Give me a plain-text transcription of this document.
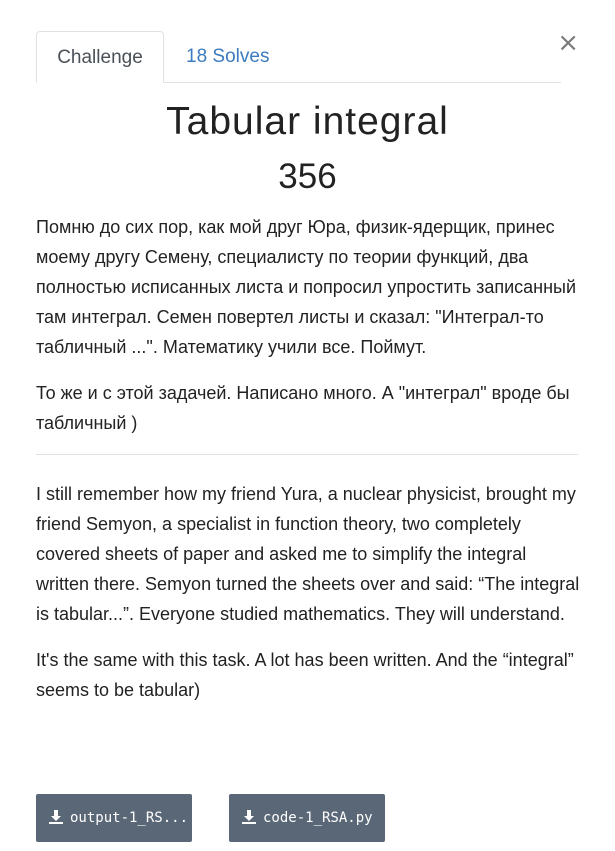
×
Challenge	18 Solves
Tabular integral
356

Помню до сих пор, как мой друг Юра, физик-ядерщик, принес моему другу Семену, специалисту по теории функций, два полностью исписанных листа и попросил упростить записанный там интеграл. Семен повертел листы и сказал: "Интеграл-то табличный ...". Математику учили все. Поймут.

То же и с этой задачей. Написано много. А "интеграл" вроде бы табличный )

I still remember how my friend Yura, a nuclear physicist, brought my friend Semyon, a specialist in function theory, two completely covered sheets of paper and asked me to simplify the integral written there. Semyon turned the sheets over and said: “The integral is tabular...”. Everyone studied mathematics. They will understand.

It's the same with this task. A lot has been written. And the “integral” seems to be tabular)

output-1_RS...	code-1_RSA.py
